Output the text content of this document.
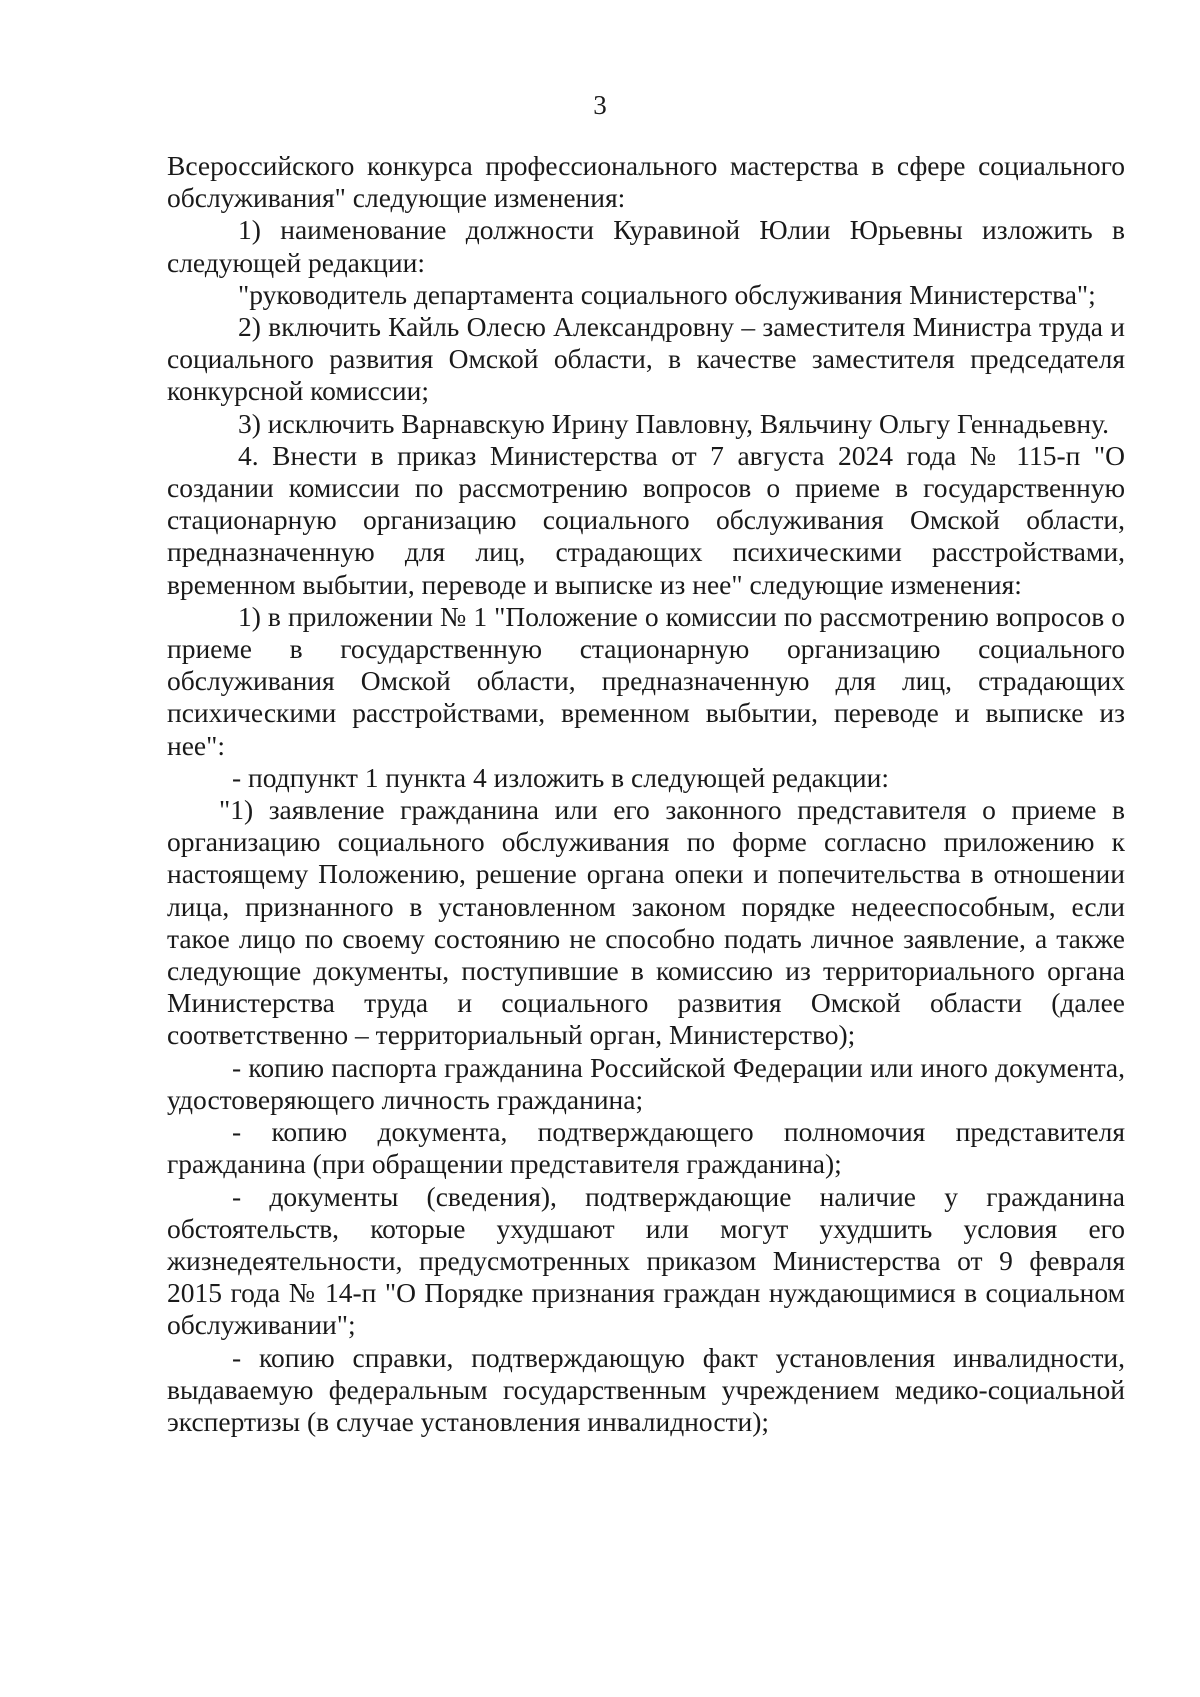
3

Всероссийского конкурса профессионального мастерства в сфере социального обслуживания" следующие изменения:

1) наименование должности Куравиной Юлии Юрьевны изложить в следующей редакции:

"руководитель департамента социального обслуживания Министерства";

2) включить Кайль Олесю Александровну – заместителя Министра труда и социального развития Омской области, в качестве заместителя председателя конкурсной комиссии;

3) исключить Варнавскую Ирину Павловну, Вяльчину Ольгу Геннадьевну.

4. Внести в приказ Министерства от 7 августа 2024 года № 115-п "О создании комиссии по рассмотрению вопросов о приеме в государственную стационарную организацию социального обслуживания Омской области, предназначенную для лиц, страдающих психическими расстройствами, временном выбытии, переводе и выписке из нее" следующие изменения:

1) в приложении № 1 "Положение о комиссии по рассмотрению вопросов о приеме в государственную стационарную организацию социального обслуживания Омской области, предназначенную для лиц, страдающих психическими расстройствами, временном выбытии, переводе и выписке из нее":

- подпункт 1 пункта 4 изложить в следующей редакции:

"1) заявление гражданина или его законного представителя о приеме в организацию социального обслуживания по форме согласно приложению к настоящему Положению, решение органа опеки и попечительства в отношении лица, признанного в установленном законом порядке недееспособным, если такое лицо по своему состоянию не способно подать личное заявление, а также следующие документы, поступившие в комиссию из территориального органа Министерства труда и социального развития Омской области (далее соответственно – территориальный орган, Министерство);

- копию паспорта гражданина Российской Федерации или иного документа, удостоверяющего личность гражданина;

- копию документа, подтверждающего полномочия представителя гражданина (при обращении представителя гражданина);

- документы (сведения), подтверждающие наличие у гражданина обстоятельств, которые ухудшают или могут ухудшить условия его жизнедеятельности, предусмотренных приказом Министерства от 9 февраля 2015 года № 14-п "О Порядке признания граждан нуждающимися в социальном обслуживании";

- копию справки, подтверждающую факт установления инвалидности, выдаваемую федеральным государственным учреждением медико-социальной экспертизы (в случае установления инвалидности);
